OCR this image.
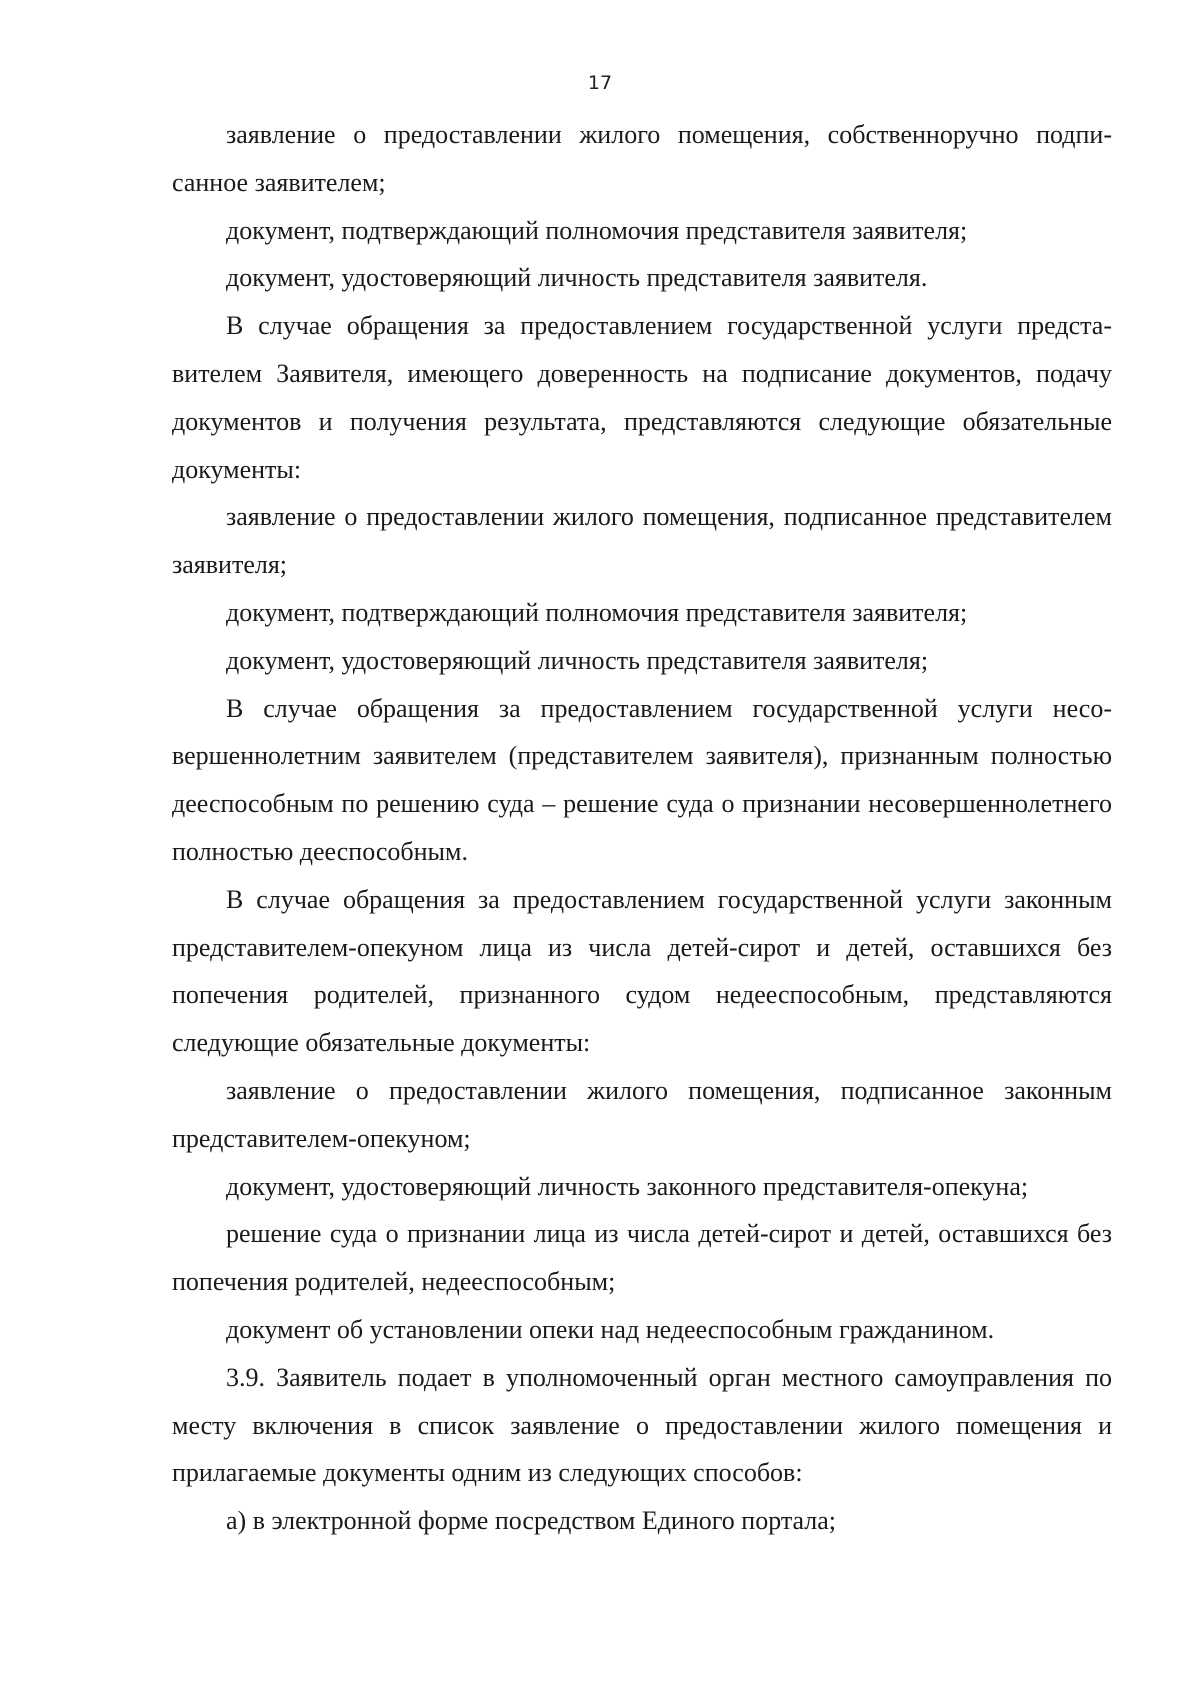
17

заявление о предоставлении жилого помещения, собственноручно подписанное заявителем;

документ, подтверждающий полномочия представителя заявителя;

документ, удостоверяющий личность представителя заявителя.

В случае обращения за предоставлением государственной услуги представителем Заявителя, имеющего доверенность на подписание документов, подачу документов и получения результата, представляются следующие обязательные документы:

заявление о предоставлении жилого помещения, подписанное представителем заявителя;

документ, подтверждающий полномочия представителя заявителя;

документ, удостоверяющий личность представителя заявителя;

В случае обращения за предоставлением государственной услуги несовершеннолетним заявителем (представителем заявителя), признанным полностью дееспособным по решению суда – решение суда о признании несовершеннолетнего полностью дееспособным.

В случае обращения за предоставлением государственной услуги законным представителем-опекуном лица из числа детей-сирот и детей, оставшихся без попечения родителей, признанного судом недееспособным, представляются следующие обязательные документы:

заявление о предоставлении жилого помещения, подписанное законным представителем-опекуном;

документ, удостоверяющий личность законного представителя-опекуна;

решение суда о признании лица из числа детей-сирот и детей, оставшихся без попечения родителей, недееспособным;

документ об установлении опеки над недееспособным гражданином.

3.9. Заявитель подает в уполномоченный орган местного самоуправления по месту включения в список заявление о предоставлении жилого помещения и прилагаемые документы одним из следующих способов:

а) в электронной форме посредством Единого портала;
